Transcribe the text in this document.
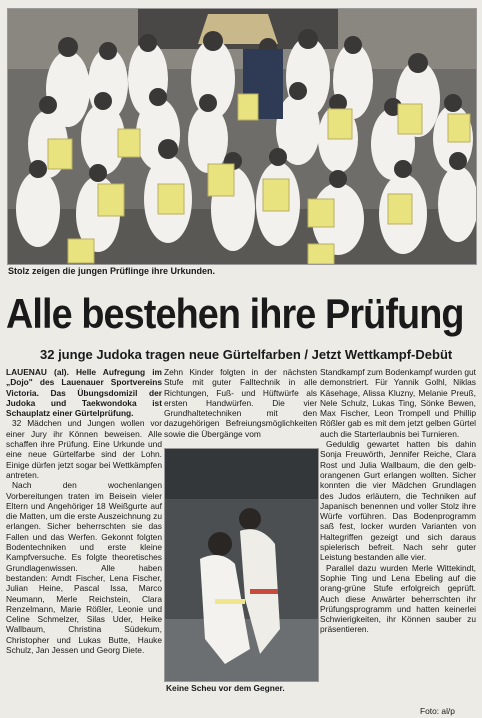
Stolz zeigen die jungen Prüflinge ihre Urkunden.
Alle bestehen ihre Prüfung
32 junge Judoka tragen neue Gürtelfarben / Jetzt Wettkampf-Debüt

LAUENAU (al). Helle Aufregung im „Dojo" des Lauenauer Sportvereins Victoria. Das Übungsdomizil der Judoka und Taekwondoka ist Schauplatz einer Gürtelprüfung.

32 Mädchen und Jungen wollen vor einer Jury ihr Können beweisen. Alle schaffen ihre Prüfung. Eine Urkunde und eine neue Gürtelfarbe sind der Lohn. Einige dürfen jetzt sogar bei Wettkämpfen antreten.

Nach den wochenlangen Vorbereitungen traten im Beisein vieler Eltern und Angehöriger 18 Weißgurte auf die Matten, um die erste Auszeichnung zu erlangen. Sicher beherrschten sie das Fallen und das Werfen. Gekonnt folgten Bodentechniken und erste kleine Kampfversuche. Es folgte theoretisches Grundlagenwissen. Alle haben bestanden: Arndt Fischer, Lena Fischer, Julian Heine, Pascal Issa, Marco Neumann, Merle Reichstein, Clara Renzelmann, Marie Rößler, Leonie und Celine Schmelzer, Silas Uder, Heike Wallbaum, Christina Südekum, Christopher und Lukas Butte, Hauke Schulz, Jan Jessen und Georg Diete.

Zehn Kinder folgten in der nächsten Stufe mit guter Falltechnik in alle Richtungen, Fuß- und Hüftwürfe als ersten Handwürfen. Die vier Grundhaltetechniken mit den dazugehörigen Befreiungsmöglichkeiten sowie die Übergänge vom

Keine Scheu vor dem Gegner.

Standkampf zum Bodenkampf wurden gut demonstriert. Für Yannik Golhl, Niklas Käsehage, Alissa Kluzny, Melanie Preuß, Nele Schulz, Lukas Ting, Sönke Bewen, Max Fischer, Leon Trompell und Phillip Rößler gab es mit dem jetzt gelben Gürtel auch die Starterlaubnis bei Turnieren.

Geduldig gewartet hatten bis dahin Sonja Freuwörth, Jennifer Reiche, Clara Rost und Julia Wallbaum, die den gelb-orangenen Gurt erlangen wollten. Sicher konnten die vier Mädchen Grundlagen des Judos erläutern, die Techniken auf Japanisch benennen und voller Stolz ihre Würfe vorführen. Das Bodenprogramm saß fest, locker wurden Varianten von Haltegriffen gezeigt und sich daraus spielerisch befreit. Nach sehr guter Leistung bestanden alle vier.

Parallel dazu wurden Merle Wittekindt, Sophie Ting und Lena Ebeling auf die orang-grüne Stufe erfolgreich geprüft. Auch diese Anwärter beherrschten ihr Prüfungsprogramm und hatten keinerlei Schwierigkeiten, ihr Können sauber zu präsentieren.

Foto: al/p
